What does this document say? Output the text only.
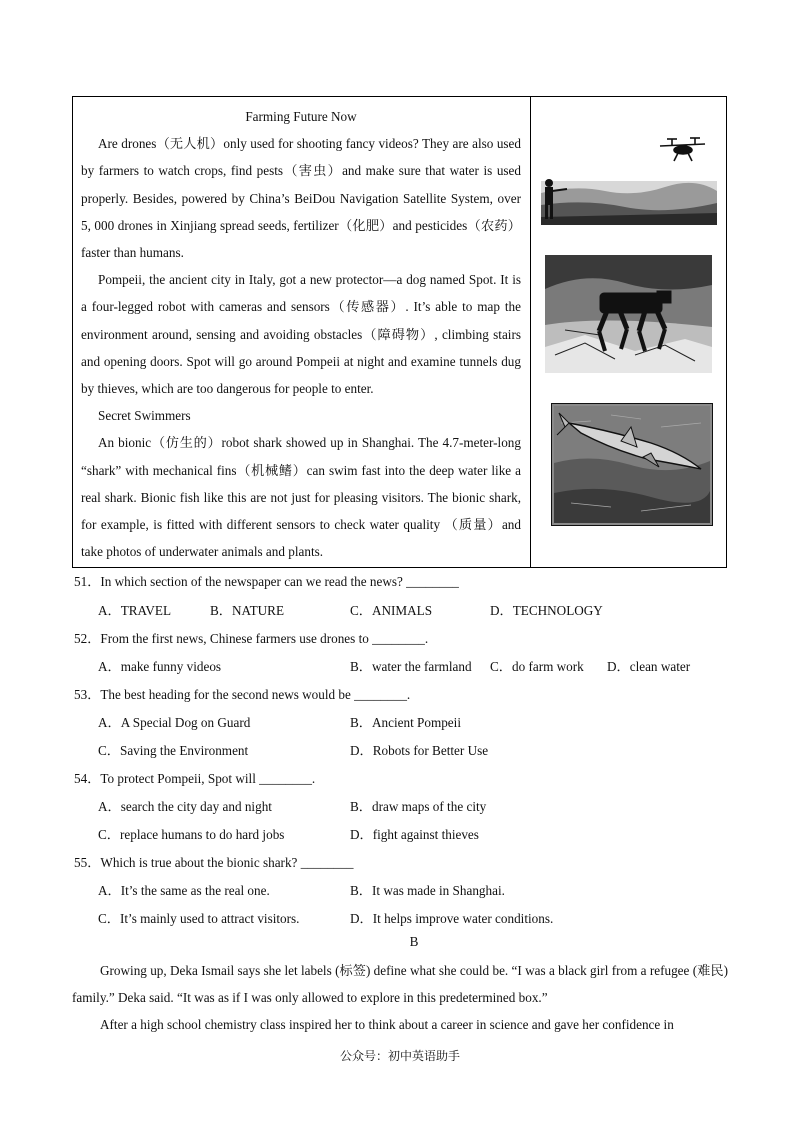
Farming Future Now

Are drones（无人机）only used for shooting fancy videos? They are also used by farmers to watch crops, find pests（害虫）and make sure that water is used properly. Besides, powered by China’s BeiDou Navigation Satellite System, over 5, 000 drones in Xinjiang spread seeds, fertilizer（化肥）and pesticides（农药）faster than humans.

Pompeii, the ancient city in Italy, got a new protector—a dog named Spot. It is a four-legged robot with cameras and sensors（传感器）. It’s able to map the environment around, sensing and avoiding obstacles（障碍物）, climbing stairs and opening doors. Spot will go around Pompeii at night and examine tunnels dug by thieves, which are too dangerous for people to enter.

Secret Swimmers

An bionic（仿生的）robot shark showed up in Shanghai. The 4.7-meter-long “shark” with mechanical fins（机械鳍）can swim fast into the deep water like a real shark. Bionic fish like this are not just for pleasing visitors. The bionic shark, for example, is fitted with different sensors to check water quality （质量）and take photos of underwater animals and plants.

51．In which section of the newspaper can we read the news? ________
A．TRAVEL	B．NATURE	C．ANIMALS	D．TECHNOLOGY
52．From the first news, Chinese farmers use drones to ________.
A．make funny videos	B．water the farmland C．do farm work D．clean water
53．The best heading for the second news would be ________.
A．A Special Dog on Guard	B．Ancient Pompeii
C．Saving the Environment	D．Robots for Better Use
54．To protect Pompeii, Spot will ________.
A．search the city day and night	B．draw maps of the city
C．replace humans to do hard jobs	D．fight against thieves
55．Which is true about the bionic shark? ________
A．It’s the same as the real one.	B．It was made in Shanghai.
C．It’s mainly used to attract visitors.	D．It helps improve water conditions.
B

Growing up, Deka Ismail says she let labels (标签) define what she could be. “I was a black girl from a refugee (难民) family.” Deka said. “It was as if I was only allowed to explore in this predetermined box.”

After a high school chemistry class inspired her to think about a career in science and gave her confidence in

公众号：初中英语助手
